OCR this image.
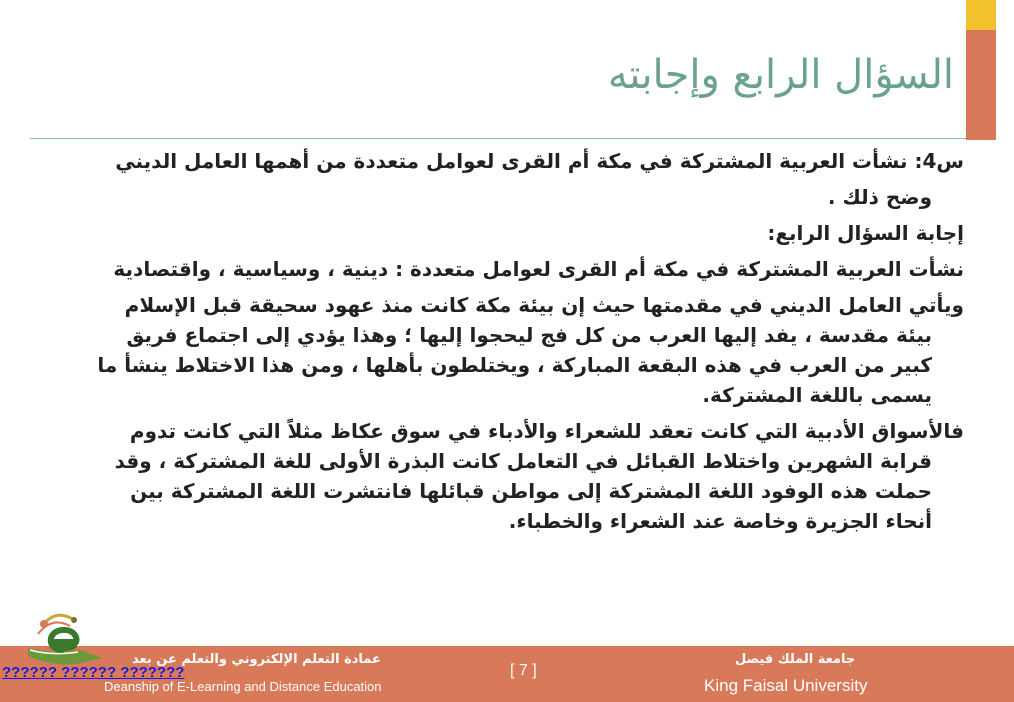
السؤال الرابع وإجابته

س4: نشأت العربية المشتركة في مكة أم القرى لعوامل متعددة من أهمها العامل الديني

وضح ذلك .

إجابة السؤال الرابع:

نشأت العربية المشتركة في مكة أم القرى لعوامل متعددة : دينية ، وسياسية ، واقتصادية

ويأتي العامل الديني في مقدمتها حيث إن بيئة مكة كانت منذ عهود سحيقة قبل الإسلام

بيئة مقدسة ، يفد إليها العرب من كل فج ليحجوا إليها ؛ وهذا يؤدي إلى اجتماع فريق كبير من العرب في هذه البقعة المباركة ، ويختلطون بأهلها ، ومن هذا الاختلاط ينشأ ما يسمى باللغة المشتركة.

فالأسواق الأدبية التي كانت تعقد للشعراء والأدباء في سوق عكاظ مثلاً التي كانت تدوم

قرابة الشهرين واختلاط القبائل في التعامل كانت البذرة الأولى للغة المشتركة ، وقد حملت هذه الوفود اللغة المشتركة إلى مواطن قبائلها فانتشرت اللغة المشتركة بين أنحاء الجزيرة وخاصة عند الشعراء والخطباء.

عمادة التعلم الإلكتروني والتعلم عن بعد
Deanship of E-Learning and Distance Education
[ 7 ]
جامعة الملك فيصل
King Faisal University
?????? ?????? ???????
